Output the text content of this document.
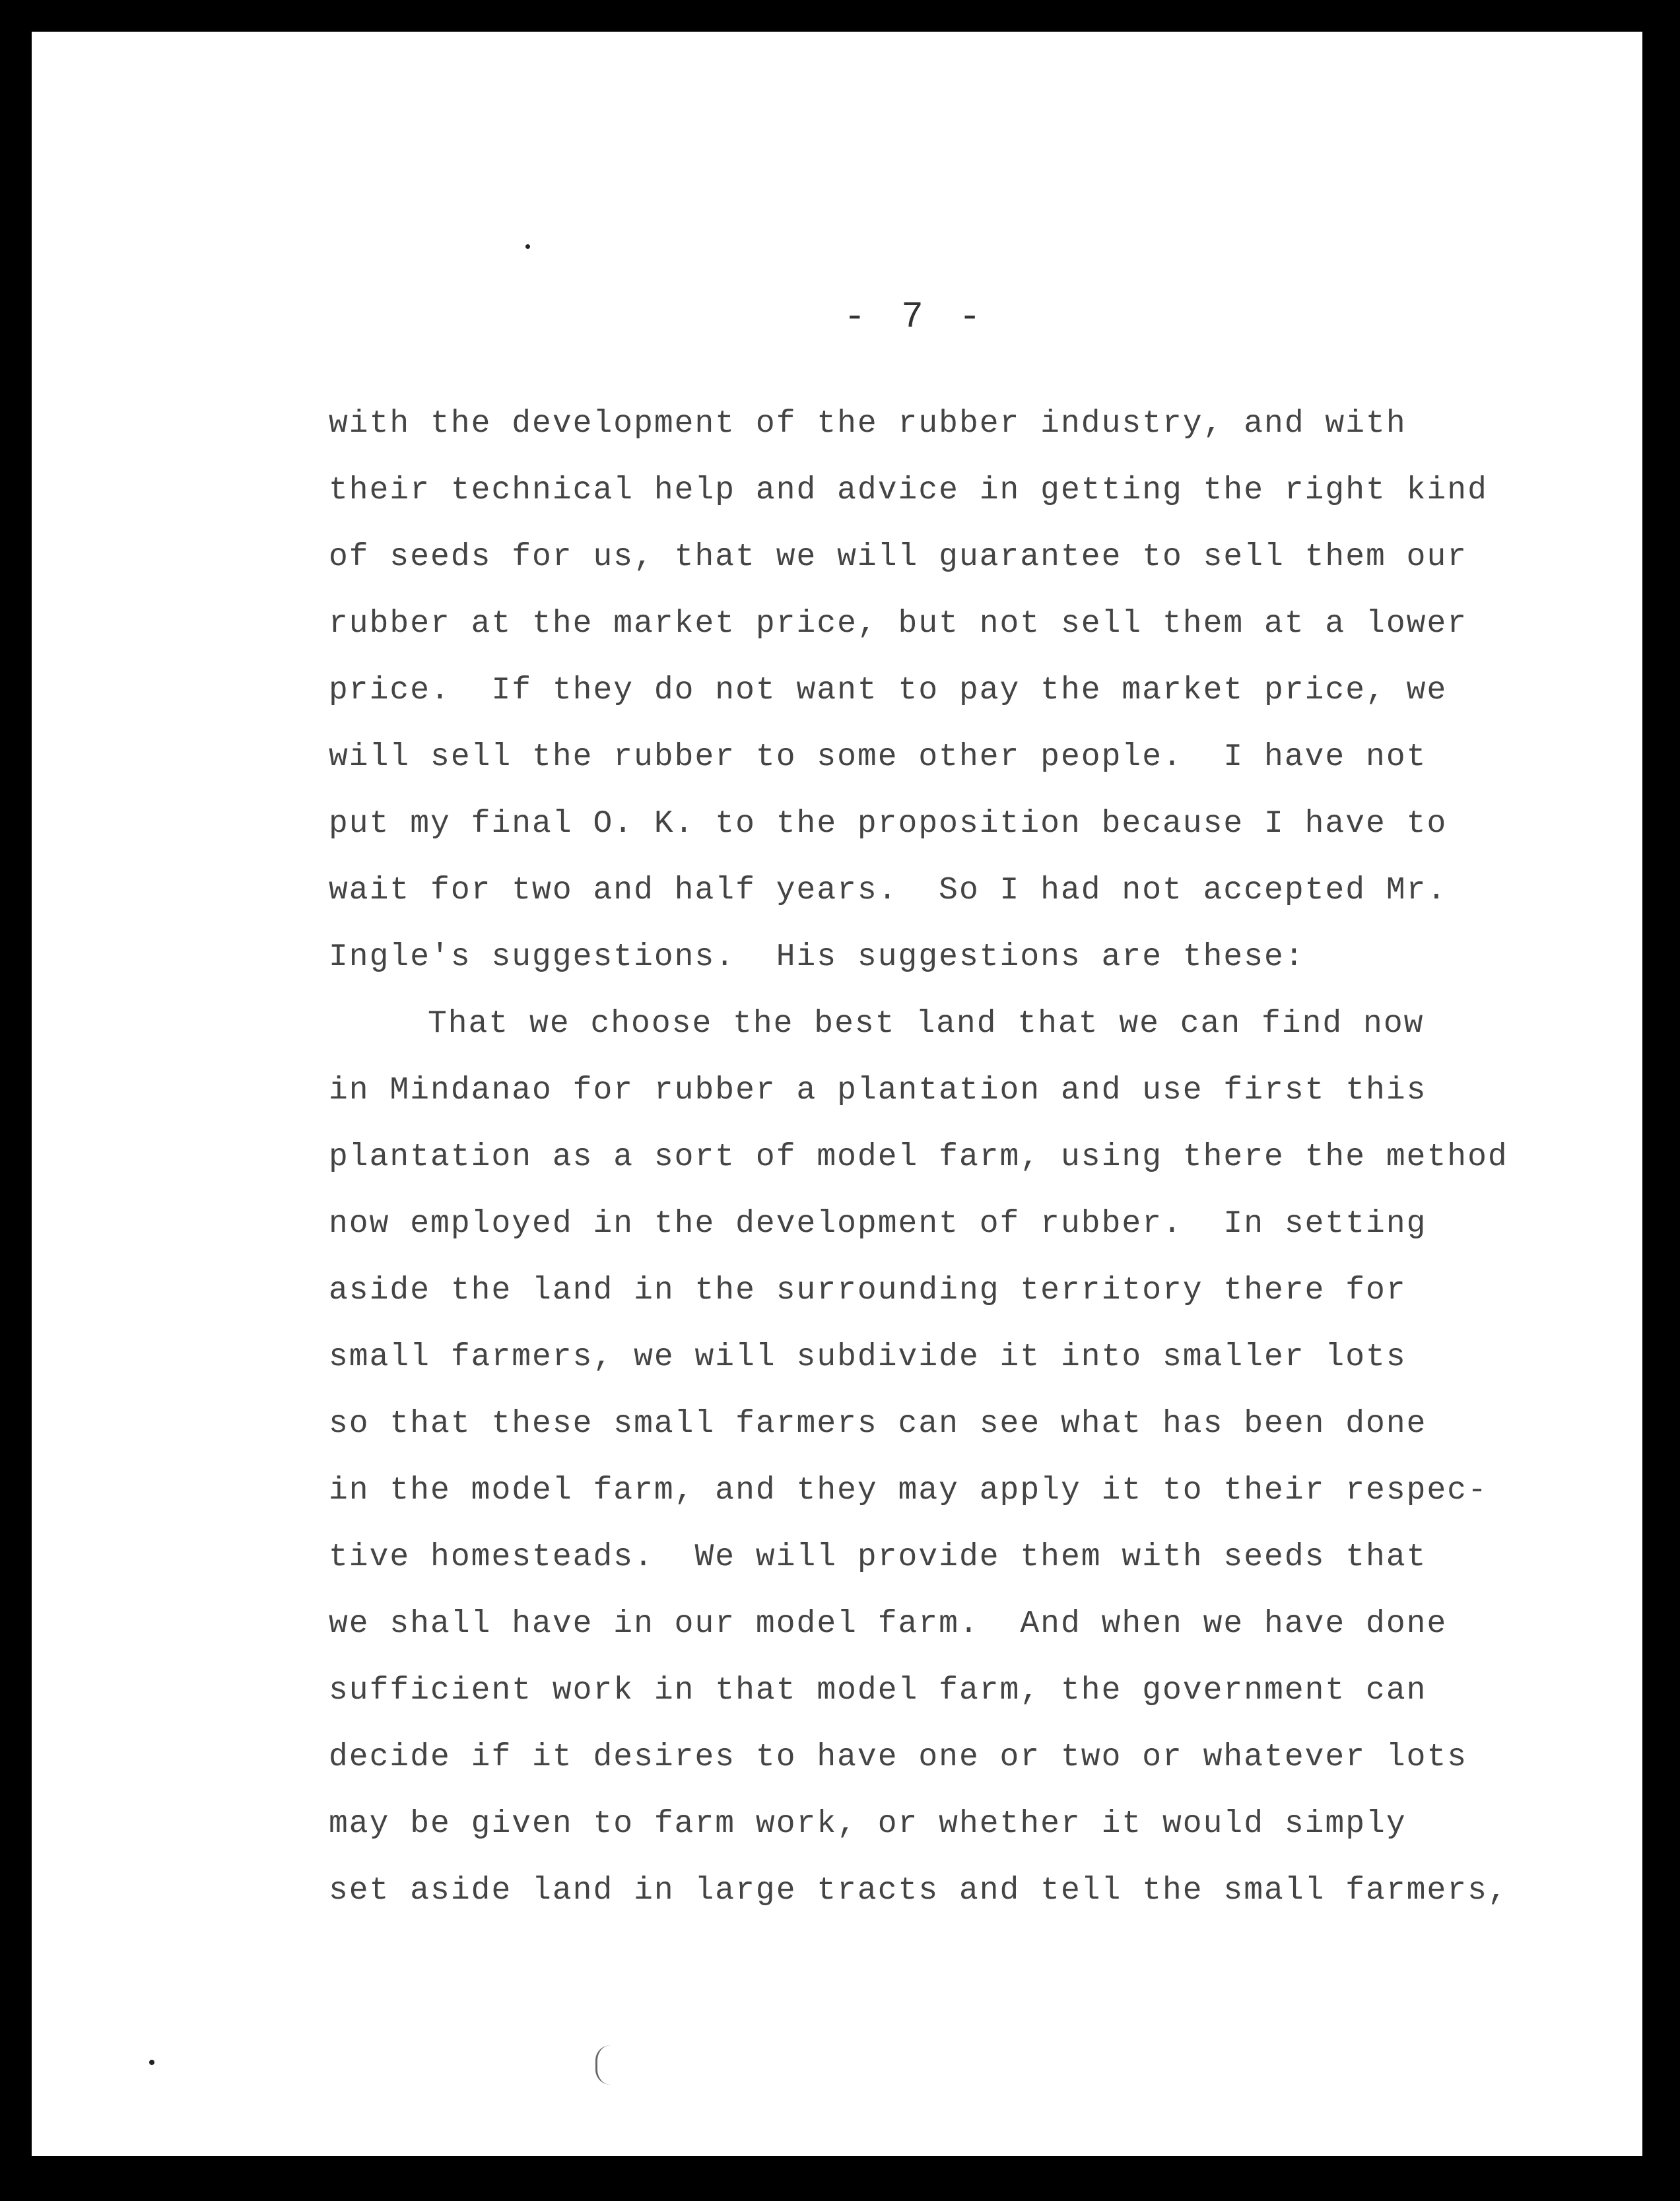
- 7 -

with the development of the rubber industry, and with
their technical help and advice in getting the right kind
of seeds for us, that we will guarantee to sell them our
rubber at the market price, but not sell them at a lower
price.  If they do not want to pay the market price, we
will sell the rubber to some other people.  I have not
put my final O. K. to the proposition because I have to
wait for two and half years.  So I had not accepted Mr.
Ingle's suggestions.  His suggestions are these:
That we choose the best land that we can find now
in Mindanao for rubber a plantation and use first this
plantation as a sort of model farm, using there the method
now employed in the development of rubber.  In setting
aside the land in the surrounding territory there for
small farmers, we will subdivide it into smaller lots
so that these small farmers can see what has been done
in the model farm, and they may apply it to their respec-
tive homesteads.  We will provide them with seeds that
we shall have in our model farm.  And when we have done
sufficient work in that model farm, the government can
decide if it desires to have one or two or whatever lots
may be given to farm work, or whether it would simply
set aside land in large tracts and tell the small farmers,
